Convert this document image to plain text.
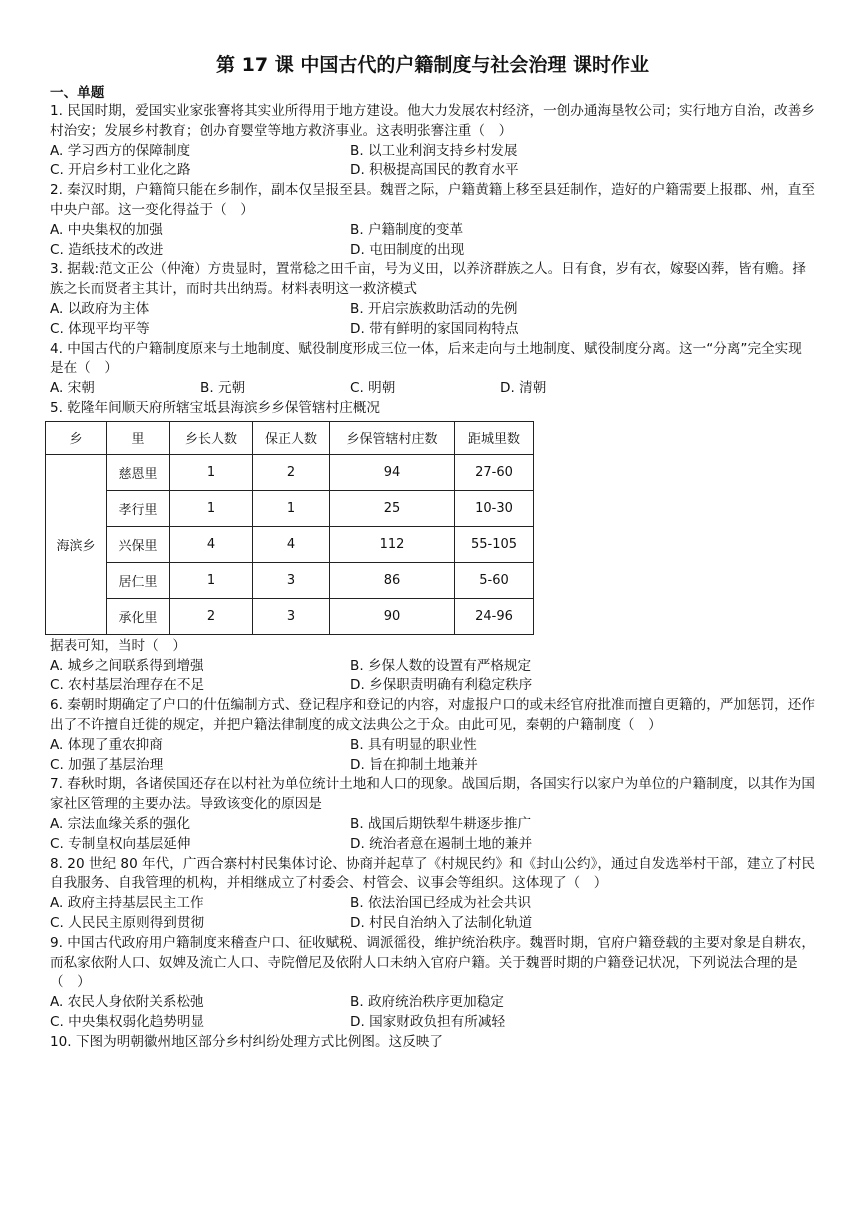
第 17 课 中国古代的户籍制度与社会治理 课时作业
一、单题

1. 民国时期，爱国实业家张謇将其实业所得用于地方建设。他大力发展农村经济，一创办通海垦牧公司；实行地方自治，改善乡村治安；发展乡村教育；创办育婴堂等地方救济事业。这表明张謇注重（　）

A. 学习西方的保障制度	B. 以工业利润支持乡村发展
C. 开启乡村工业化之路	D. 积极提高国民的教育水平

2. 秦汉时期，户籍简只能在乡制作，副本仅呈报至县。魏晋之际，户籍黄籍上移至县廷制作，造好的户籍需要上报郡、州，直至中央户部。这一变化得益于（　）

A. 中央集权的加强	B. 户籍制度的变革
C. 造纸技术的改进	D. 屯田制度的出现

3. 据载:范文正公（仲淹）方贵显时，置常稔之田千亩，号为义田，以养济群族之人。日有食，岁有衣，嫁娶凶葬，皆有赡。择族之长而贤者主其计，而时共出纳焉。材料表明这一救济模式

A. 以政府为主体	B. 开启宗族救助活动的先例
C. 体现平均平等	D. 带有鲜明的家国同构特点

4. 中国古代的户籍制度原来与土地制度、赋役制度形成三位一体，后来走向与土地制度、赋役制度分离。这一“分离”完全实现是在（　）

A. 宋朝	B. 元朝	C. 明朝	D. 清朝

5. 乾隆年间顺天府所辖宝坻县海滨乡乡保管辖村庄概况

乡	里	乡长人数	保正人数	乡保管辖村庄数	距城里数
海滨乡	慈恩里	1	2	94	27-60
	孝行里	1	1	25	10-30
	兴保里	4	4	112	55-105
	居仁里	1	3	86	5-60
	承化里	2	3	90	24-96

据表可知，当时（　）

A. 城乡之间联系得到增强	B. 乡保人数的设置有严格规定
C. 农村基层治理存在不足	D. 乡保职责明确有利稳定秩序

6. 秦朝时期确定了户口的什伍编制方式、登记程序和登记的内容，对虚报户口的或未经官府批准而擅自更籍的，严加惩罚，还作出了不许擅自迁徙的规定，并把户籍法律制度的成文法典公之于众。由此可见，秦朝的户籍制度（　）

A. 体现了重农抑商	B. 具有明显的职业性
C. 加强了基层治理	D. 旨在抑制土地兼并

7. 春秋时期，各诸侯国还存在以村社为单位统计土地和人口的现象。战国后期，各国实行以家户为单位的户籍制度，以其作为国家社区管理的主要办法。导致该变化的原因是

A. 宗法血缘关系的强化	B. 战国后期铁犁牛耕逐步推广
C. 专制皇权向基层延伸	D. 统治者意在遏制土地的兼并

8. 20 世纪 80 年代，广西合寨村村民集体讨论、协商并起草了《村规民约》和《封山公约》，通过自发选举村干部，建立了村民自我服务、自我管理的机构，并相继成立了村委会、村管会、议事会等组织。这体现了（　）

A. 政府主持基层民主工作	B. 依法治国已经成为社会共识
C. 人民民主原则得到贯彻	D. 村民自治纳入了法制化轨道

9. 中国古代政府用户籍制度来稽查户口、征收赋税、调派徭役，维护统治秩序。魏晋时期，官府户籍登载的主要对象是自耕农，而私家依附人口、奴婢及流亡人口、寺院僧尼及依附人口未纳入官府户籍。关于魏晋时期的户籍登记状况，下列说法合理的是（　）

A. 农民人身依附关系松弛	B. 政府统治秩序更加稳定
C. 中央集权弱化趋势明显	D. 国家财政负担有所减轻

10. 下图为明朝徽州地区部分乡村纠纷处理方式比例图。这反映了
